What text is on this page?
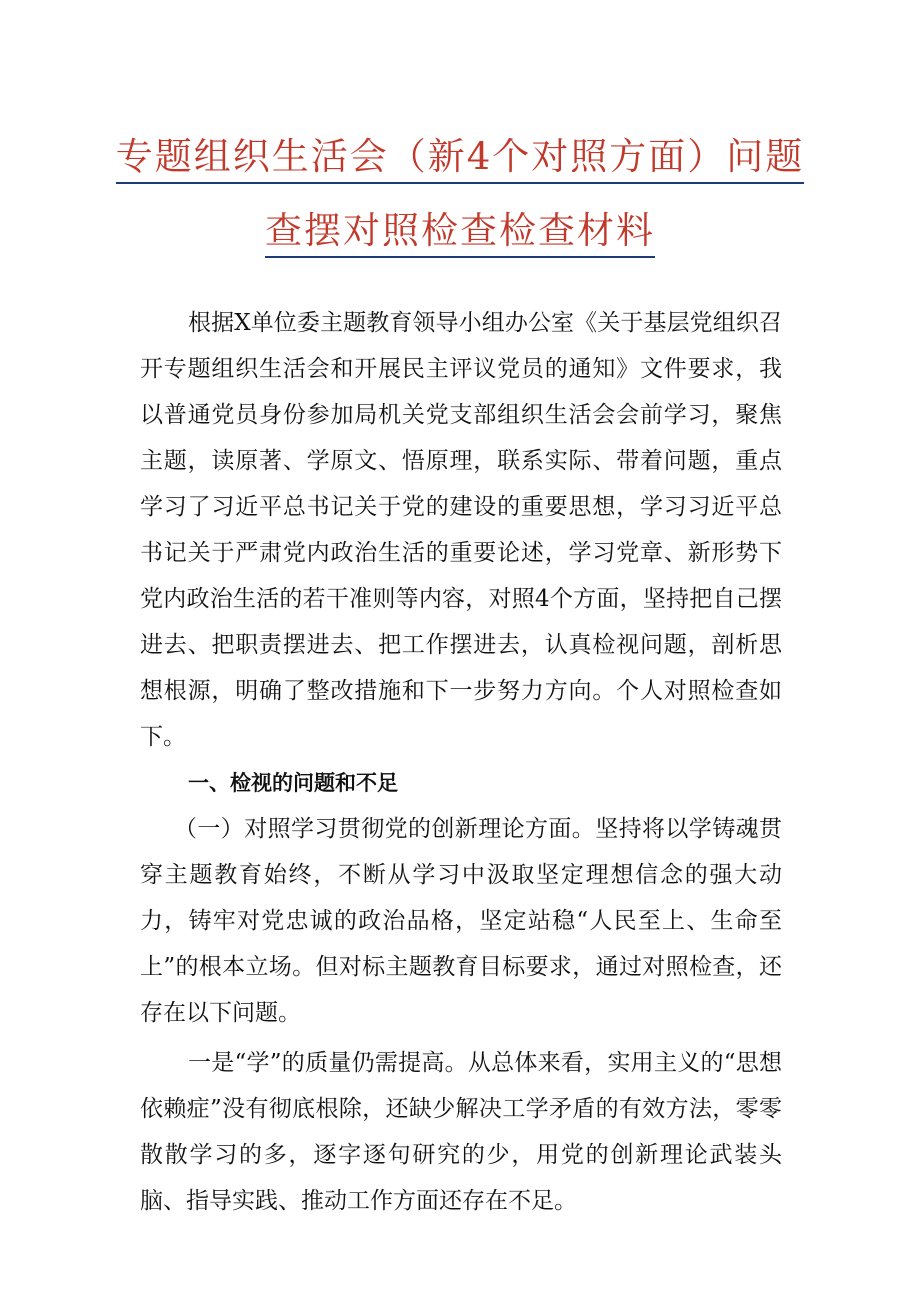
专题组织生活会（新4个对照方面）问题
查摆对照检查检查材料

根据X单位委主题教育领导小组办公室《关于基层党组织召开专题组织生活会和开展民主评议党员的通知》文件要求，我以普通党员身份参加局机关党支部组织生活会会前学习，聚焦主题，读原著、学原文、悟原理，联系实际、带着问题，重点学习了习近平总书记关于党的建设的重要思想，学习习近平总书记关于严肃党内政治生活的重要论述，学习党章、新形势下党内政治生活的若干准则等内容，对照4个方面，坚持把自己摆进去、把职责摆进去、把工作摆进去，认真检视问题，剖析思想根源，明确了整改措施和下一步努力方向。个人对照检查如下。

一、检视的问题和不足

（一）对照学习贯彻党的创新理论方面。坚持将以学铸魂贯穿主题教育始终，不断从学习中汲取坚定理想信念的强大动力，铸牢对党忠诚的政治品格，坚定站稳“人民至上、生命至上”的根本立场。但对标主题教育目标要求，通过对照检查，还存在以下问题。

一是“学”的质量仍需提高。从总体来看，实用主义的“思想依赖症”没有彻底根除，还缺少解决工学矛盾的有效方法，零零散散学习的多，逐字逐句研究的少，用党的创新理论武装头脑、指导实践、推动工作方面还存在不足。
